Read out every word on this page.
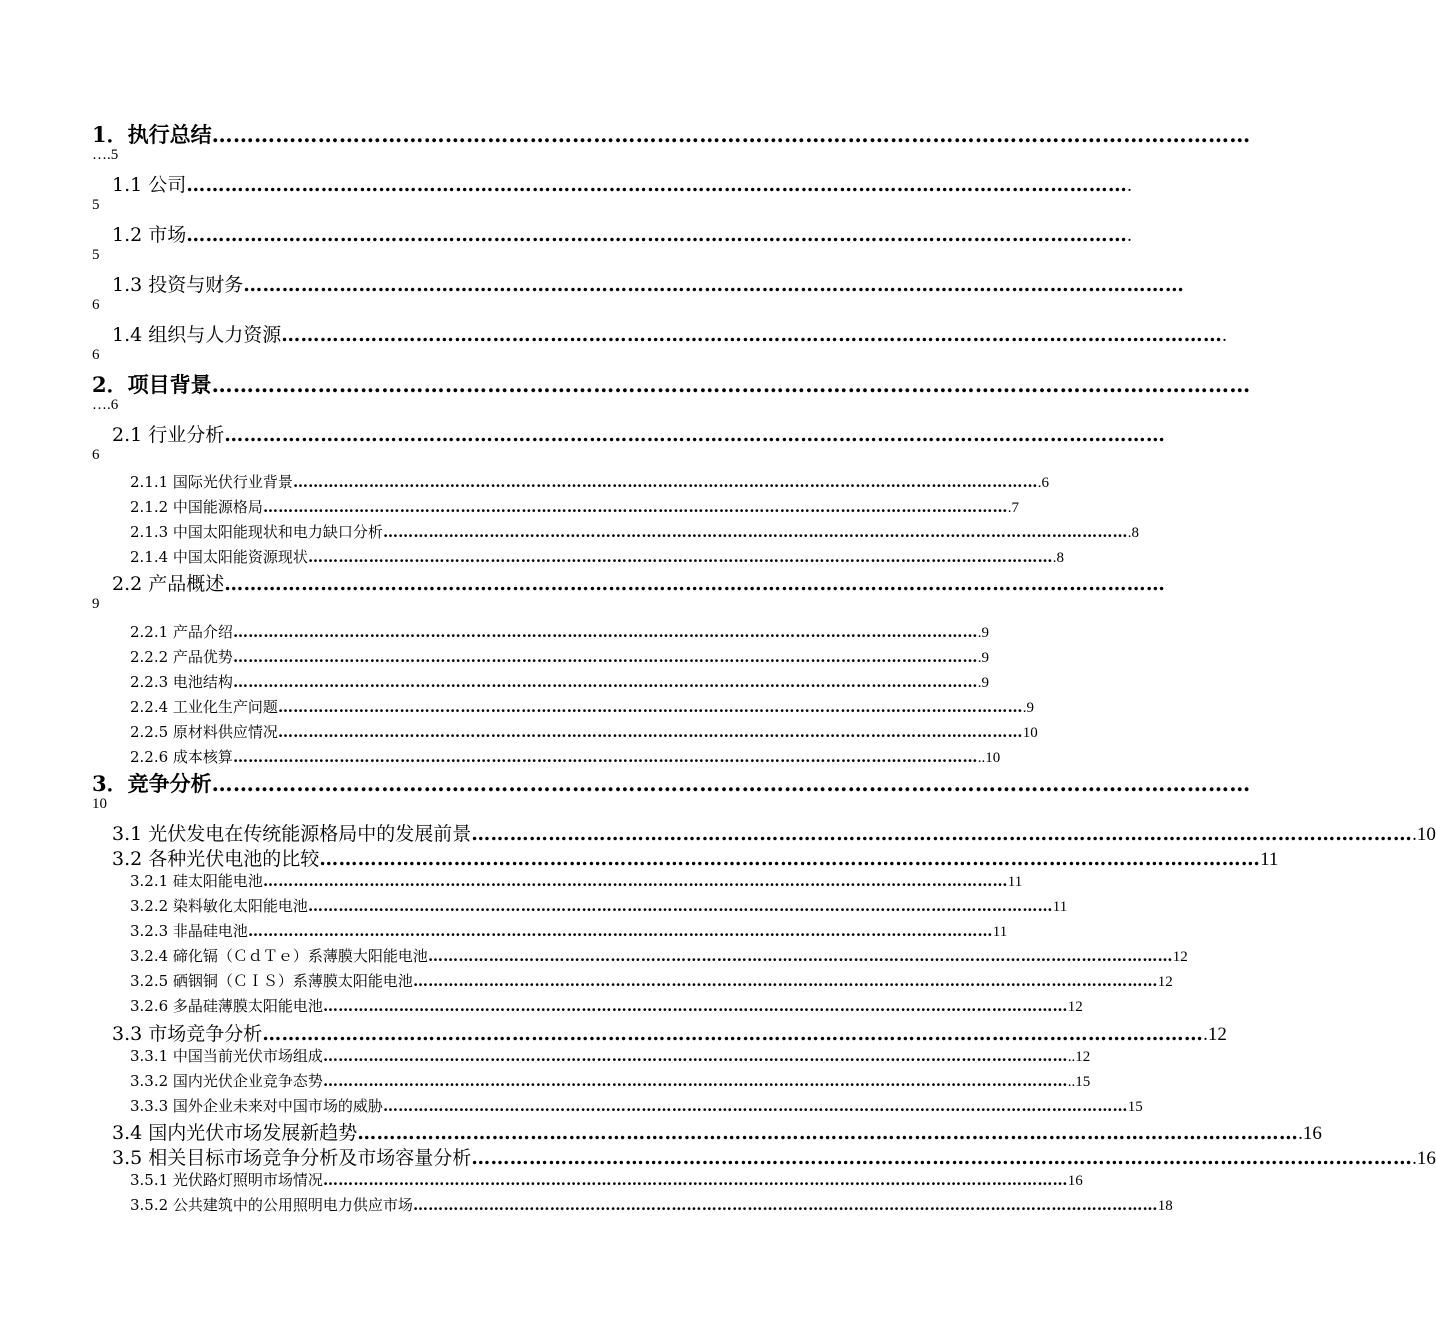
1．执行总结 …………………………………………………………………………………………………………………………………
….5
1.1 公司 ………………………………………………………………………………………………………………………………… .
5
1.2 市场 ………………………………………………………………………………………………………………………………… .
5
1.3 投资与财务 …………………………………………………………………………………………………………………………………
6
1.4 组织与人力资源 ………………………………………………………………………………………………………………………………… .
6
2．项目背景 …………………………………………………………………………………………………………………………………
….6
2.1 行业分析 …………………………………………………………………………………………………………………………………
6
2.1.1 国际光伏行业背景 ………………………………………………………………………………………………………………………………… .6
2.1.2 中国能源格局 ………………………………………………………………………………………………………………………………… .7
2.1.3 中国太阳能现状和电力缺口分析 ………………………………………………………………………………………………………………………………… .8
2.1.4 中国太阳能资源现状 ………………………………………………………………………………………………………………………………… .8
2.2 产品概述 …………………………………………………………………………………………………………………………………
9
2.2.1 产品介绍 ………………………………………………………………………………………………………………………………… .9
2.2.2 产品优势 ………………………………………………………………………………………………………………………………… .9
2.2.3 电池结构 ………………………………………………………………………………………………………………………………… .9
2.2.4 工业化生产问题 ………………………………………………………………………………………………………………………………… .9
2.2.5 原材料供应情况 ………………………………………………………………………………………………………………………………… 10
2.2.6 成本核算 ………………………………………………………………………………………………………………………………… ..10
3．竞争分析 …………………………………………………………………………………………………………………………………
10
3.1 光伏发电在传统能源格局中的发展前景 ………………………………………………………………………………………………………………………………… .10
3.2 各种光伏电池的比较 ………………………………………………………………………………………………………………………………… 11
3.2.1 硅太阳能电池 ………………………………………………………………………………………………………………………………… 11
3.2.2 染料敏化太阳能电池 ………………………………………………………………………………………………………………………………… 11
3.2.3 非晶硅电池 ………………………………………………………………………………………………………………………………… 11
3.2.4 碲化镉（ＣｄＴｅ）系薄膜大阳能电池 ………………………………………………………………………………………………………………………………… 12
3.2.5 硒铟铜（ＣＩＳ）系薄膜太阳能电池 ………………………………………………………………………………………………………………………………… 12
3.2.6 多晶硅薄膜太阳能电池 ………………………………………………………………………………………………………………………………… 12
3.3 市场竞争分析 ………………………………………………………………………………………………………………………………… .12
3.3.1 中国当前光伏市场组成 ………………………………………………………………………………………………………………………………… ..12
3.3.2 国内光伏企业竞争态势 ………………………………………………………………………………………………………………………………… ..15
3.3.3 国外企业未来对中国市场的威胁 ………………………………………………………………………………………………………………………………… 15
3.4 国内光伏市场发展新趋势 ………………………………………………………………………………………………………………………………… .16
3.5 相关目标市场竞争分析及市场容量分析 ………………………………………………………………………………………………………………………………… .16
3.5.1 光伏路灯照明市场情况 ………………………………………………………………………………………………………………………………… 16
3.5.2 公共建筑中的公用照明电力供应市场 ………………………………………………………………………………………………………………………………… 18
